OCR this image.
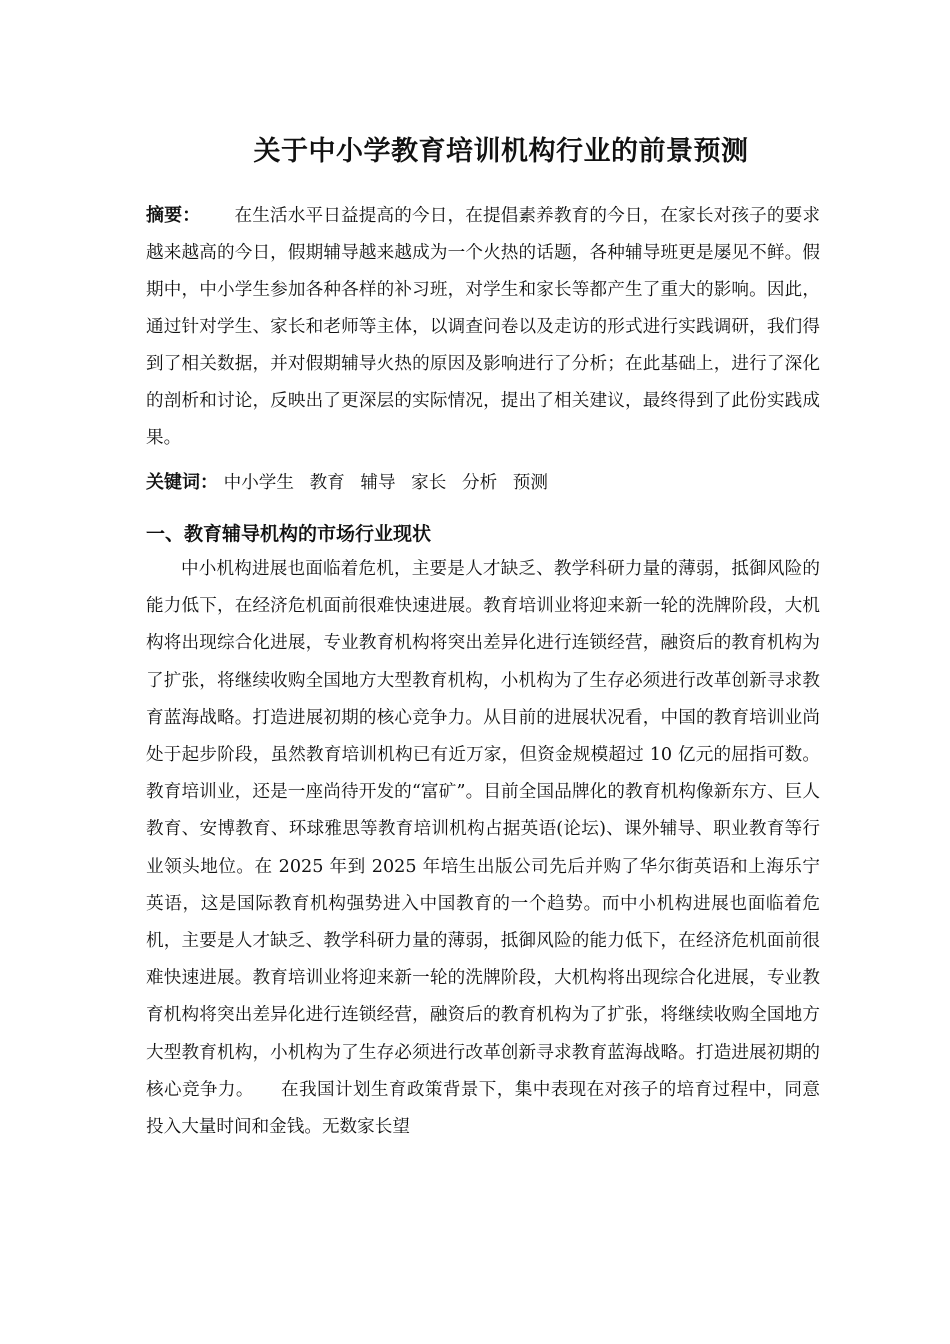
关于中小学教育培训机构行业的前景预测

摘要： 在生活水平日益提高的今日，在提倡素养教育的今日，在家长对孩子的要求越来越高的今日，假期辅导越来越成为一个火热的话题，各种辅导班更是屡见不鲜。假期中，中小学生参加各种各样的补习班，对学生和家长等都产生了重大的影响。因此，通过针对学生、家长和老师等主体，以调查问卷以及走访的形式进行实践调研，我们得到了相关数据，并对假期辅导火热的原因及影响进行了分析；在此基础上，进行了深化的剖析和讨论，反映出了更深层的实际情况，提出了相关建议，最终得到了此份实践成果。

关键词： 中小学生 教育 辅导 家长 分析 预测
一、教育辅导机构的市场行业现状

中小机构进展也面临着危机，主要是人才缺乏、教学科研力量的薄弱，抵御风险的能力低下，在经济危机面前很难快速进展。教育培训业将迎来新一轮的洗牌阶段，大机构将出现综合化进展，专业教育机构将突出差异化进行连锁经营，融资后的教育机构为了扩张，将继续收购全国地方大型教育机构，小机构为了生存必须进行改革创新寻求教育蓝海战略。打造进展初期的核心竞争力。从目前的进展状况看，中国的教育培训业尚处于起步阶段，虽然教育培训机构已有近万家，但资金规模超过 10 亿元的屈指可数。教育培训业，还是一座尚待开发的“富矿”。目前全国品牌化的教育机构像新东方、巨人教育、安博教育、环球雅思等教育培训机构占据英语(论坛)、课外辅导、职业教育等行业领头地位。在 2025 年到 2025 年培生出版公司先后并购了华尔街英语和上海乐宁英语，这是国际教育机构强势进入中国教育的一个趋势。而中小机构进展也面临着危机，主要是人才缺乏、教学科研力量的薄弱，抵御风险的能力低下，在经济危机面前很难快速进展。教育培训业将迎来新一轮的洗牌阶段，大机构将出现综合化进展，专业教育机构将突出差异化进行连锁经营，融资后的教育机构为了扩张，将继续收购全国地方大型教育机构，小机构为了生存必须进行改革创新寻求教育蓝海战略。打造进展初期的核心竞争力。　　在我国计划生育政策背景下，集中表现在对孩子的培育过程中，同意投入大量时间和金钱。无数家长望
